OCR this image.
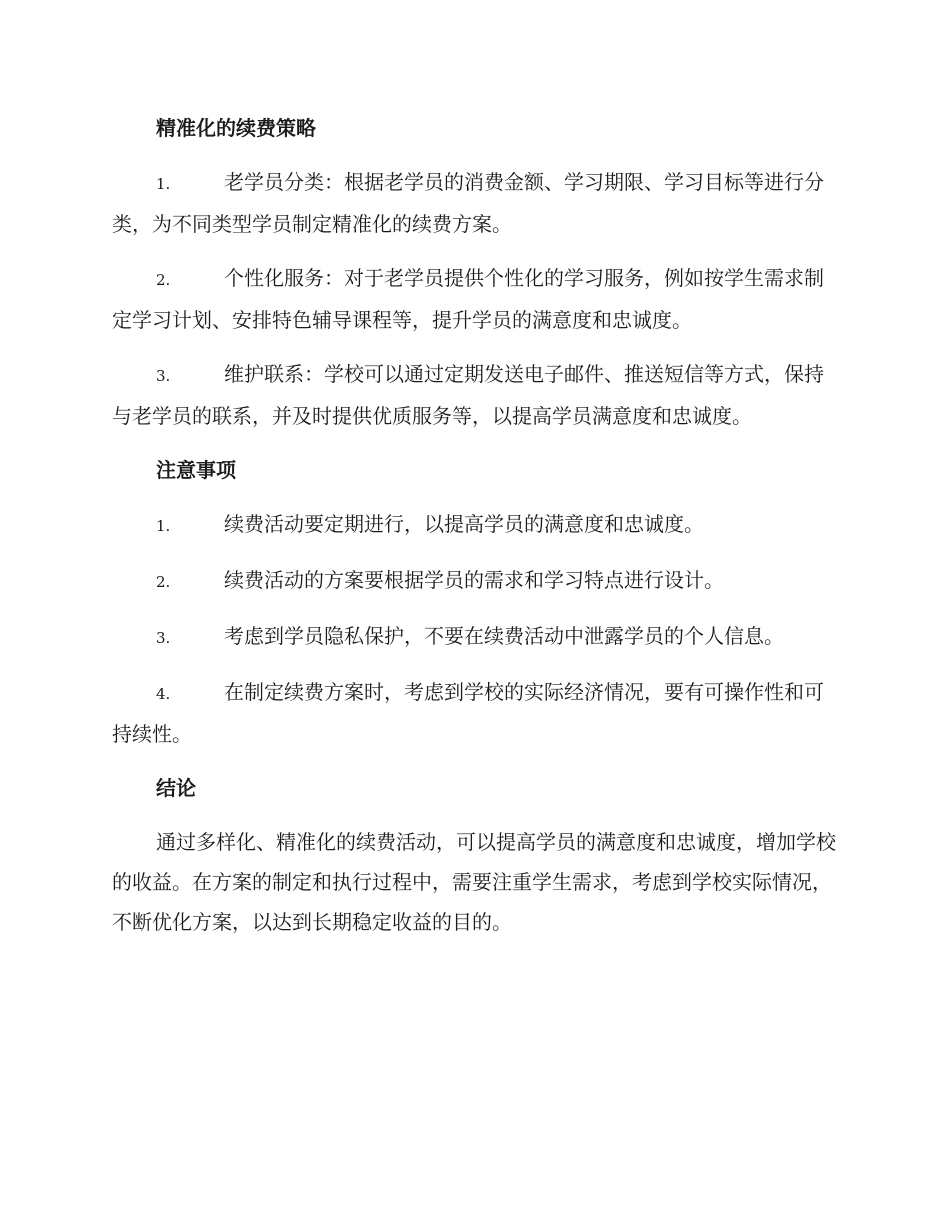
精准化的续费策略
1.	老学员分类：根据老学员的消费金额、学习期限、学习目标等进行分类，为不同类型学员制定精准化的续费方案。
2.	个性化服务：对于老学员提供个性化的学习服务，例如按学生需求制定学习计划、安排特色辅导课程等，提升学员的满意度和忠诚度。
3.	维护联系：学校可以通过定期发送电子邮件、推送短信等方式，保持与老学员的联系，并及时提供优质服务等，以提高学员满意度和忠诚度。
注意事项
1.	续费活动要定期进行，以提高学员的满意度和忠诚度。
2.	续费活动的方案要根据学员的需求和学习特点进行设计。
3.	考虑到学员隐私保护，不要在续费活动中泄露学员的个人信息。
4.	在制定续费方案时，考虑到学校的实际经济情况，要有可操作性和可持续性。
结论
通过多样化、精准化的续费活动，可以提高学员的满意度和忠诚度，增加学校的收益。在方案的制定和执行过程中，需要注重学生需求，考虑到学校实际情况，不断优化方案，以达到长期稳定收益的目的。
